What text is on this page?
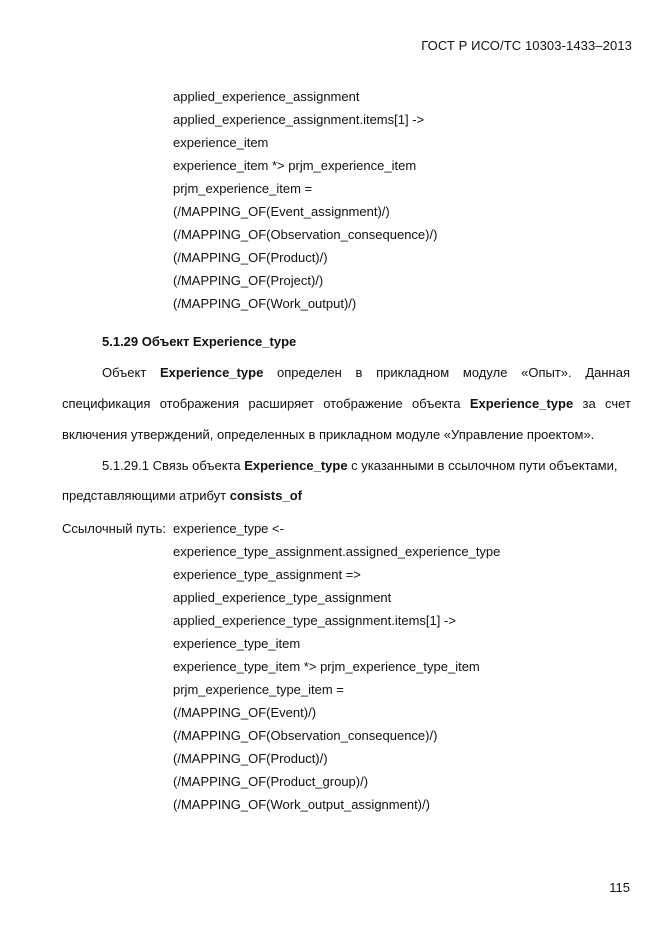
ГОСТ Р ИСО/ТС 10303-1433–2013
applied_experience_assignment
applied_experience_assignment.items[1] ->
experience_item
experience_item *> prjm_experience_item
prjm_experience_item =
(/MAPPING_OF(Event_assignment)/)
(/MAPPING_OF(Observation_consequence)/)
(/MAPPING_OF(Product)/)
(/MAPPING_OF(Project)/)
(/MAPPING_OF(Work_output)/)
5.1.29 Объект Experience_type
Объект Experience_type определен в прикладном модуле «Опыт». Данная
спецификация отображения расширяет отображение объекта Experience_type за счет
включения утверждений, определенных в прикладном модуле «Управление проектом».
5.1.29.1 Связь объекта Experience_type с указанными в ссылочном пути объектами,
представляющими атрибут consists_of
Ссылочный путь: experience_type <-
experience_type_assignment.assigned_experience_type
experience_type_assignment =>
applied_experience_type_assignment
applied_experience_type_assignment.items[1] ->
experience_type_item
experience_type_item *> prjm_experience_type_item
prjm_experience_type_item =
(/MAPPING_OF(Event)/)
(/MAPPING_OF(Observation_consequence)/)
(/MAPPING_OF(Product)/)
(/MAPPING_OF(Product_group)/)
(/MAPPING_OF(Work_output_assignment)/)
115
